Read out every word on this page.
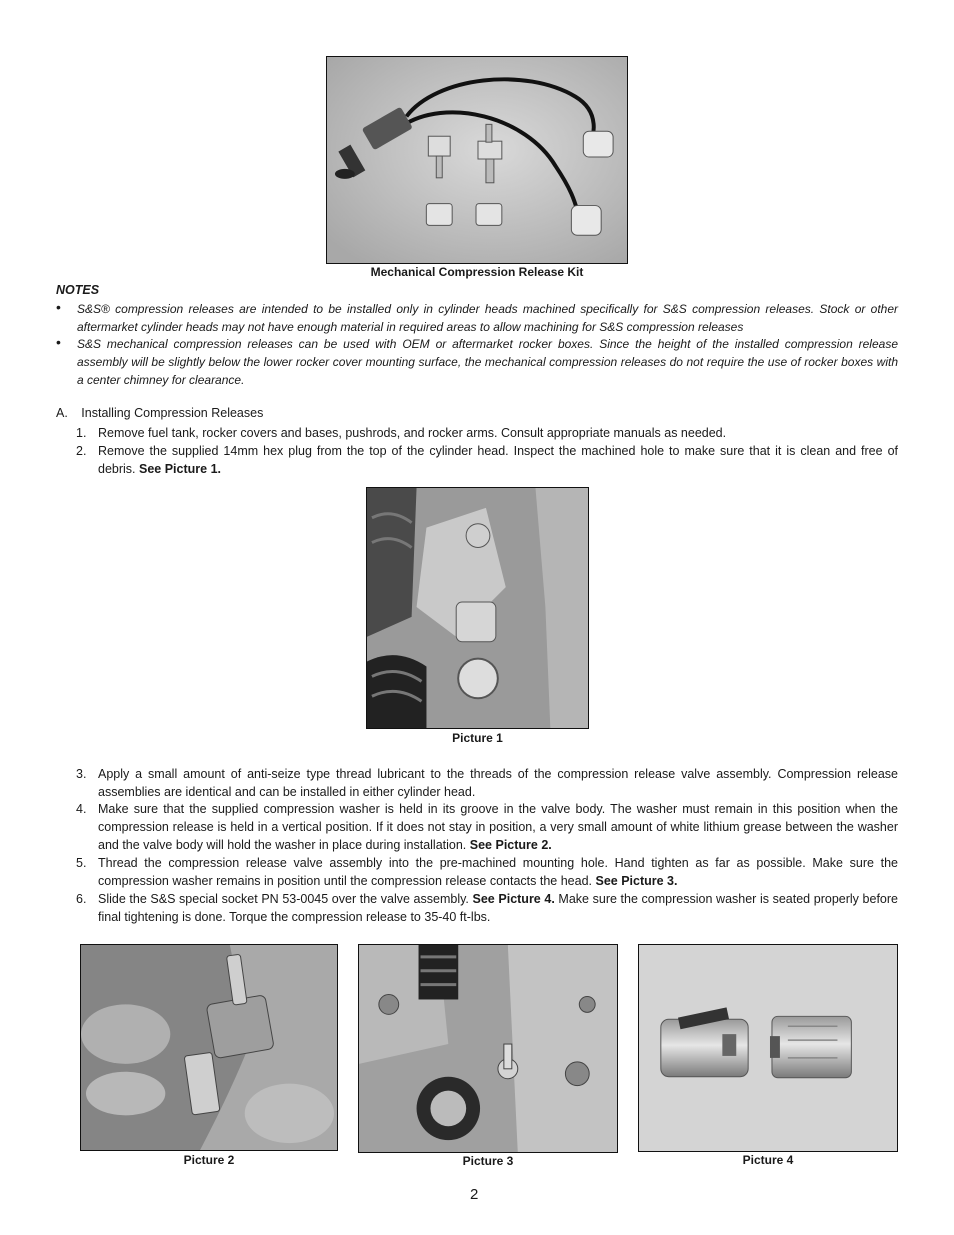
Mechanical Compression Release Kit
NOTES
• S&S® compression releases are intended to be installed only in cylinder heads machined specifically for S&S compression releases. Stock or other aftermarket cylinder heads may not have enough material in required areas to allow machining for S&S compression releases
• S&S mechanical compression releases can be used with OEM or aftermarket rocker boxes. Since the height of the installed compression release assembly will be slightly below the lower rocker cover mounting surface, the mechanical compression releases do not require the use of rocker boxes with a center chimney for clearance.
A. Installing Compression Releases
1. Remove fuel tank, rocker covers and bases, pushrods, and rocker arms. Consult appropriate manuals as needed.
2. Remove the supplied 14mm hex plug from the top of the cylinder head. Inspect the machined hole to make sure that it is clean and free of debris. See Picture 1.
Picture 1
3. Apply a small amount of anti-seize type thread lubricant to the threads of the compression release valve assembly. Compression release assemblies are identical and can be installed in either cylinder head.
4. Make sure that the supplied compression washer is held in its groove in the valve body. The washer must remain in this position when the compression release is held in a vertical position. If it does not stay in position, a very small amount of white lithium grease between the washer and the valve body will hold the washer in place during installation. See Picture 2.
5. Thread the compression release valve assembly into the pre-machined mounting hole. Hand tighten as far as possible. Make sure the compression washer remains in position until the compression release contacts the head. See Picture 3.
6. Slide the S&S special socket PN 53-0045 over the valve assembly. See Picture 4. Make sure the compression washer is seated properly before final tightening is done. Torque the compression release to 35-40 ft-lbs.
Picture 2	Picture 3	Picture 4
2
